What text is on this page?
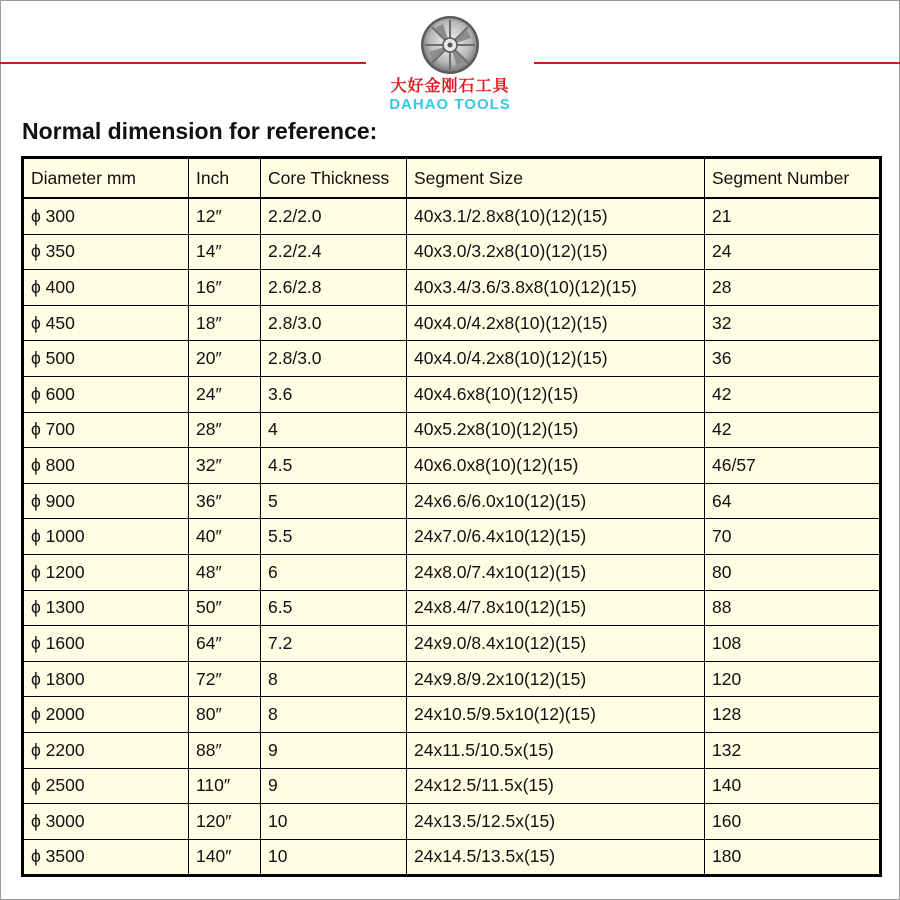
大好金刚石工具
DAHAO TOOLS
Normal dimension for reference:
Diameter mm	Inch	Core Thickness	Segment Size	Segment Number
ϕ 300	12″	2.2/2.0	40x3.1/2.8x8(10)(12)(15)	21
ϕ 350	14″	2.2/2.4	40x3.0/3.2x8(10)(12)(15)	24
ϕ 400	16″	2.6/2.8	40x3.4/3.6/3.8x8(10)(12)(15)	28
ϕ 450	18″	2.8/3.0	40x4.0/4.2x8(10)(12)(15)	32
ϕ 500	20″	2.8/3.0	40x4.0/4.2x8(10)(12)(15)	36
ϕ 600	24″	3.6	40x4.6x8(10)(12)(15)	42
ϕ 700	28″	4	40x5.2x8(10)(12)(15)	42
ϕ 800	32″	4.5	40x6.0x8(10)(12)(15)	46/57
ϕ 900	36″	5	24x6.6/6.0x10(12)(15)	64
ϕ 1000	40″	5.5	24x7.0/6.4x10(12)(15)	70
ϕ 1200	48″	6	24x8.0/7.4x10(12)(15)	80
ϕ 1300	50″	6.5	24x8.4/7.8x10(12)(15)	88
ϕ 1600	64″	7.2	24x9.0/8.4x10(12)(15)	108
ϕ 1800	72″	8	24x9.8/9.2x10(12)(15)	120
ϕ 2000	80″	8	24x10.5/9.5x10(12)(15)	128
ϕ 2200	88″	9	24x11.5/10.5x(15)	132
ϕ 2500	110″	9	24x12.5/11.5x(15)	140
ϕ 3000	120″	10	24x13.5/12.5x(15)	160
ϕ 3500	140″	10	24x14.5/13.5x(15)	180
